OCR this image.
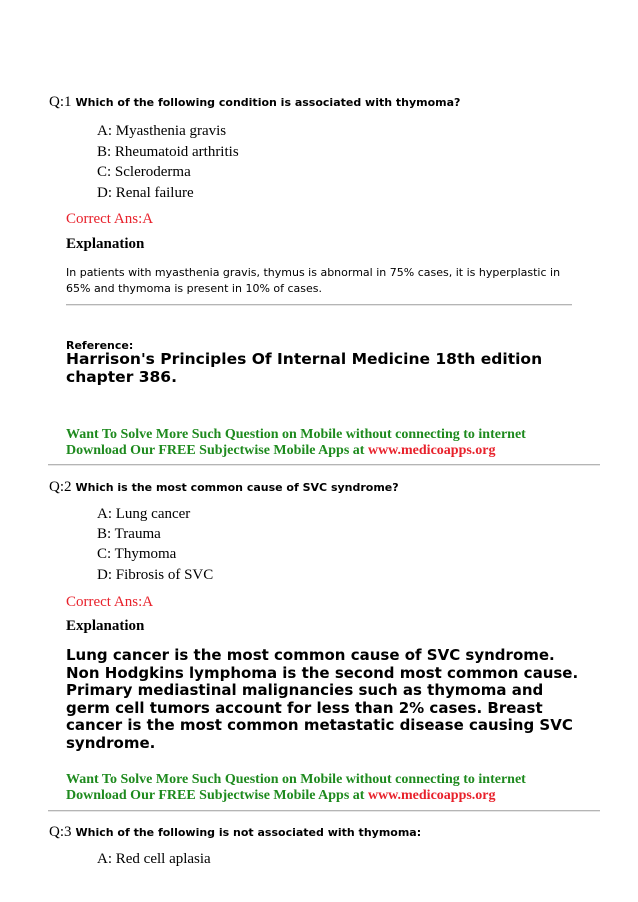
Q:1 Which of the following condition is associated with thymoma?
A: Myasthenia gravis
B: Rheumatoid arthritis
C: Scleroderma
D: Renal failure
Correct Ans:A
Explanation
In patients with myasthenia gravis, thymus is abnormal in 75% cases, it is hyperplastic in 65% and thymoma is present in 10% of cases.
Reference:
Harrison's Principles Of Internal Medicine 18th edition chapter 386.
Want To Solve More Such Question on Mobile without connecting to internet
Download Our FREE Subjectwise Mobile Apps at www.medicoapps.org
Q:2 Which is the most common cause of SVC syndrome?
A: Lung cancer
B: Trauma
C: Thymoma
D: Fibrosis of SVC
Correct Ans:A
Explanation
Lung cancer is the most common cause of SVC syndrome. Non Hodgkins lymphoma is the second most common cause. Primary mediastinal malignancies such as thymoma and germ cell tumors account for less than 2% cases. Breast cancer is the most common metastatic disease causing SVC syndrome.
Want To Solve More Such Question on Mobile without connecting to internet
Download Our FREE Subjectwise Mobile Apps at www.medicoapps.org
Q:3 Which of the following is not associated with thymoma:
A: Red cell aplasia
